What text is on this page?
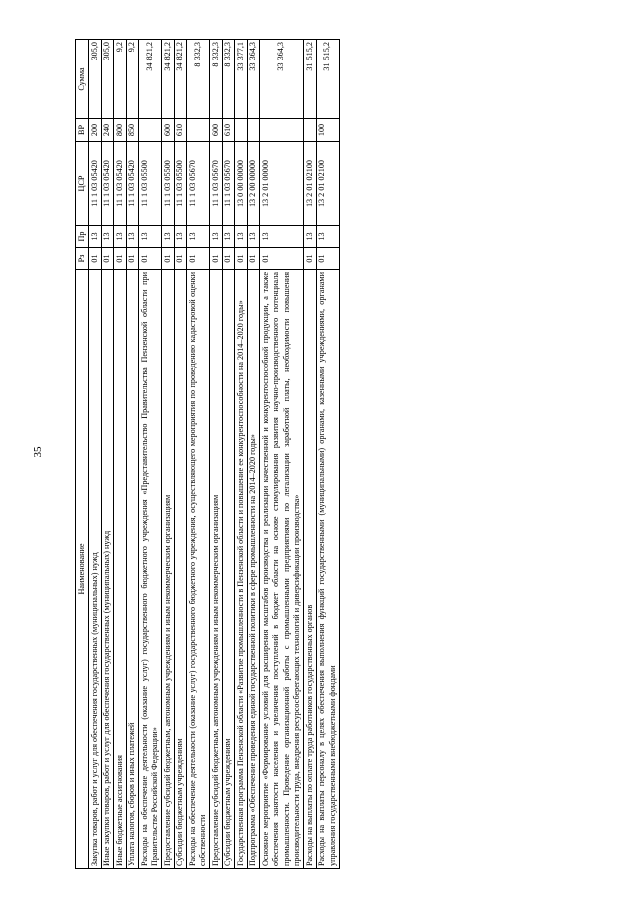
35
Наименование	Рз	Пр	ЦСР	ВР	Сумма
Закупка товаров, работ и услуг для обеспечения государственных (муниципальных) нужд	01	13	11 1 03 05420	200	305,0
Иные закупки товаров, работ и услуг для обеспечения государственных (муниципальных) нужд	01	13	11 1 03 05420	240	305,0
Иные бюджетные ассигнования	01	13	11 1 03 05420	800	9,2
Уплата налогов, сборов и иных платежей	01	13	11 1 03 05420	850	9,2
Расходы на обеспечение деятельности (оказание услуг) государственного бюджетного учреждения «Представительство Правительства Пензенской области при Правительстве Российской Федерации»	01	13	11 1 03 05500		34 821,2
Предоставление субсидий бюджетным, автономным учреждениям и иным некоммерческим организациям	01	13	11 1 03 05500	600	34 821,2
Субсидии бюджетным учреждениям	01	13	11 1 03 05500	610	34 821,2
Расходы на обеспечение деятельности (оказание услуг) государственного бюджетного учреждения, осуществляющего мероприятия по проведению кадастровой оценки собственности	01	13	11 1 03 05670		8 332,3
Предоставление субсидий бюджетным, автономным учреждениям и иным некоммерческим организациям	01	13	11 1 03 05670	600	8 332,3
Субсидии бюджетным учреждениям	01	13	11 1 03 05670	610	8 332,3
Государственная программа Пензенской области «Развитие промышленности в Пензенской области и повышение ее конкурентоспособности на 2014–2020 годы»	01	13	13 0 00 00000		33 377,1
Подпрограмма «Обеспечение проведения единой государственной политики в сфере промышленности на 2014–2020 годы»	01	13	13 2 00 00000		33 364,3
Основное мероприятие «Формирование условий для расширения масштабов производства и реализации качественной и конкурентоспособной продукции, а также обеспечения занятости населения и увеличения поступлений в бюджет области на основе стимулирования развития научно-производственного потенциала промышленности. Проведение организационной работы с промышленными предприятиями по легализации заработной платы, необходимости повышения производительности труда, внедрения ресурсосберегающих технологий и диверсификации производства»	01	13	13 2 01 00000		33 364,3
Расходы на выплаты по оплате труда работников государственных органов	01	13	13 2 01 02100		31 515,2
Расходы на выплаты персоналу в целях обеспечения выполнения функций государственными (муниципальными) органами, казенными учреждениями, органами управления государственными внебюджетными фондами	01	13	13 2 01 02100	100	31 515,2
